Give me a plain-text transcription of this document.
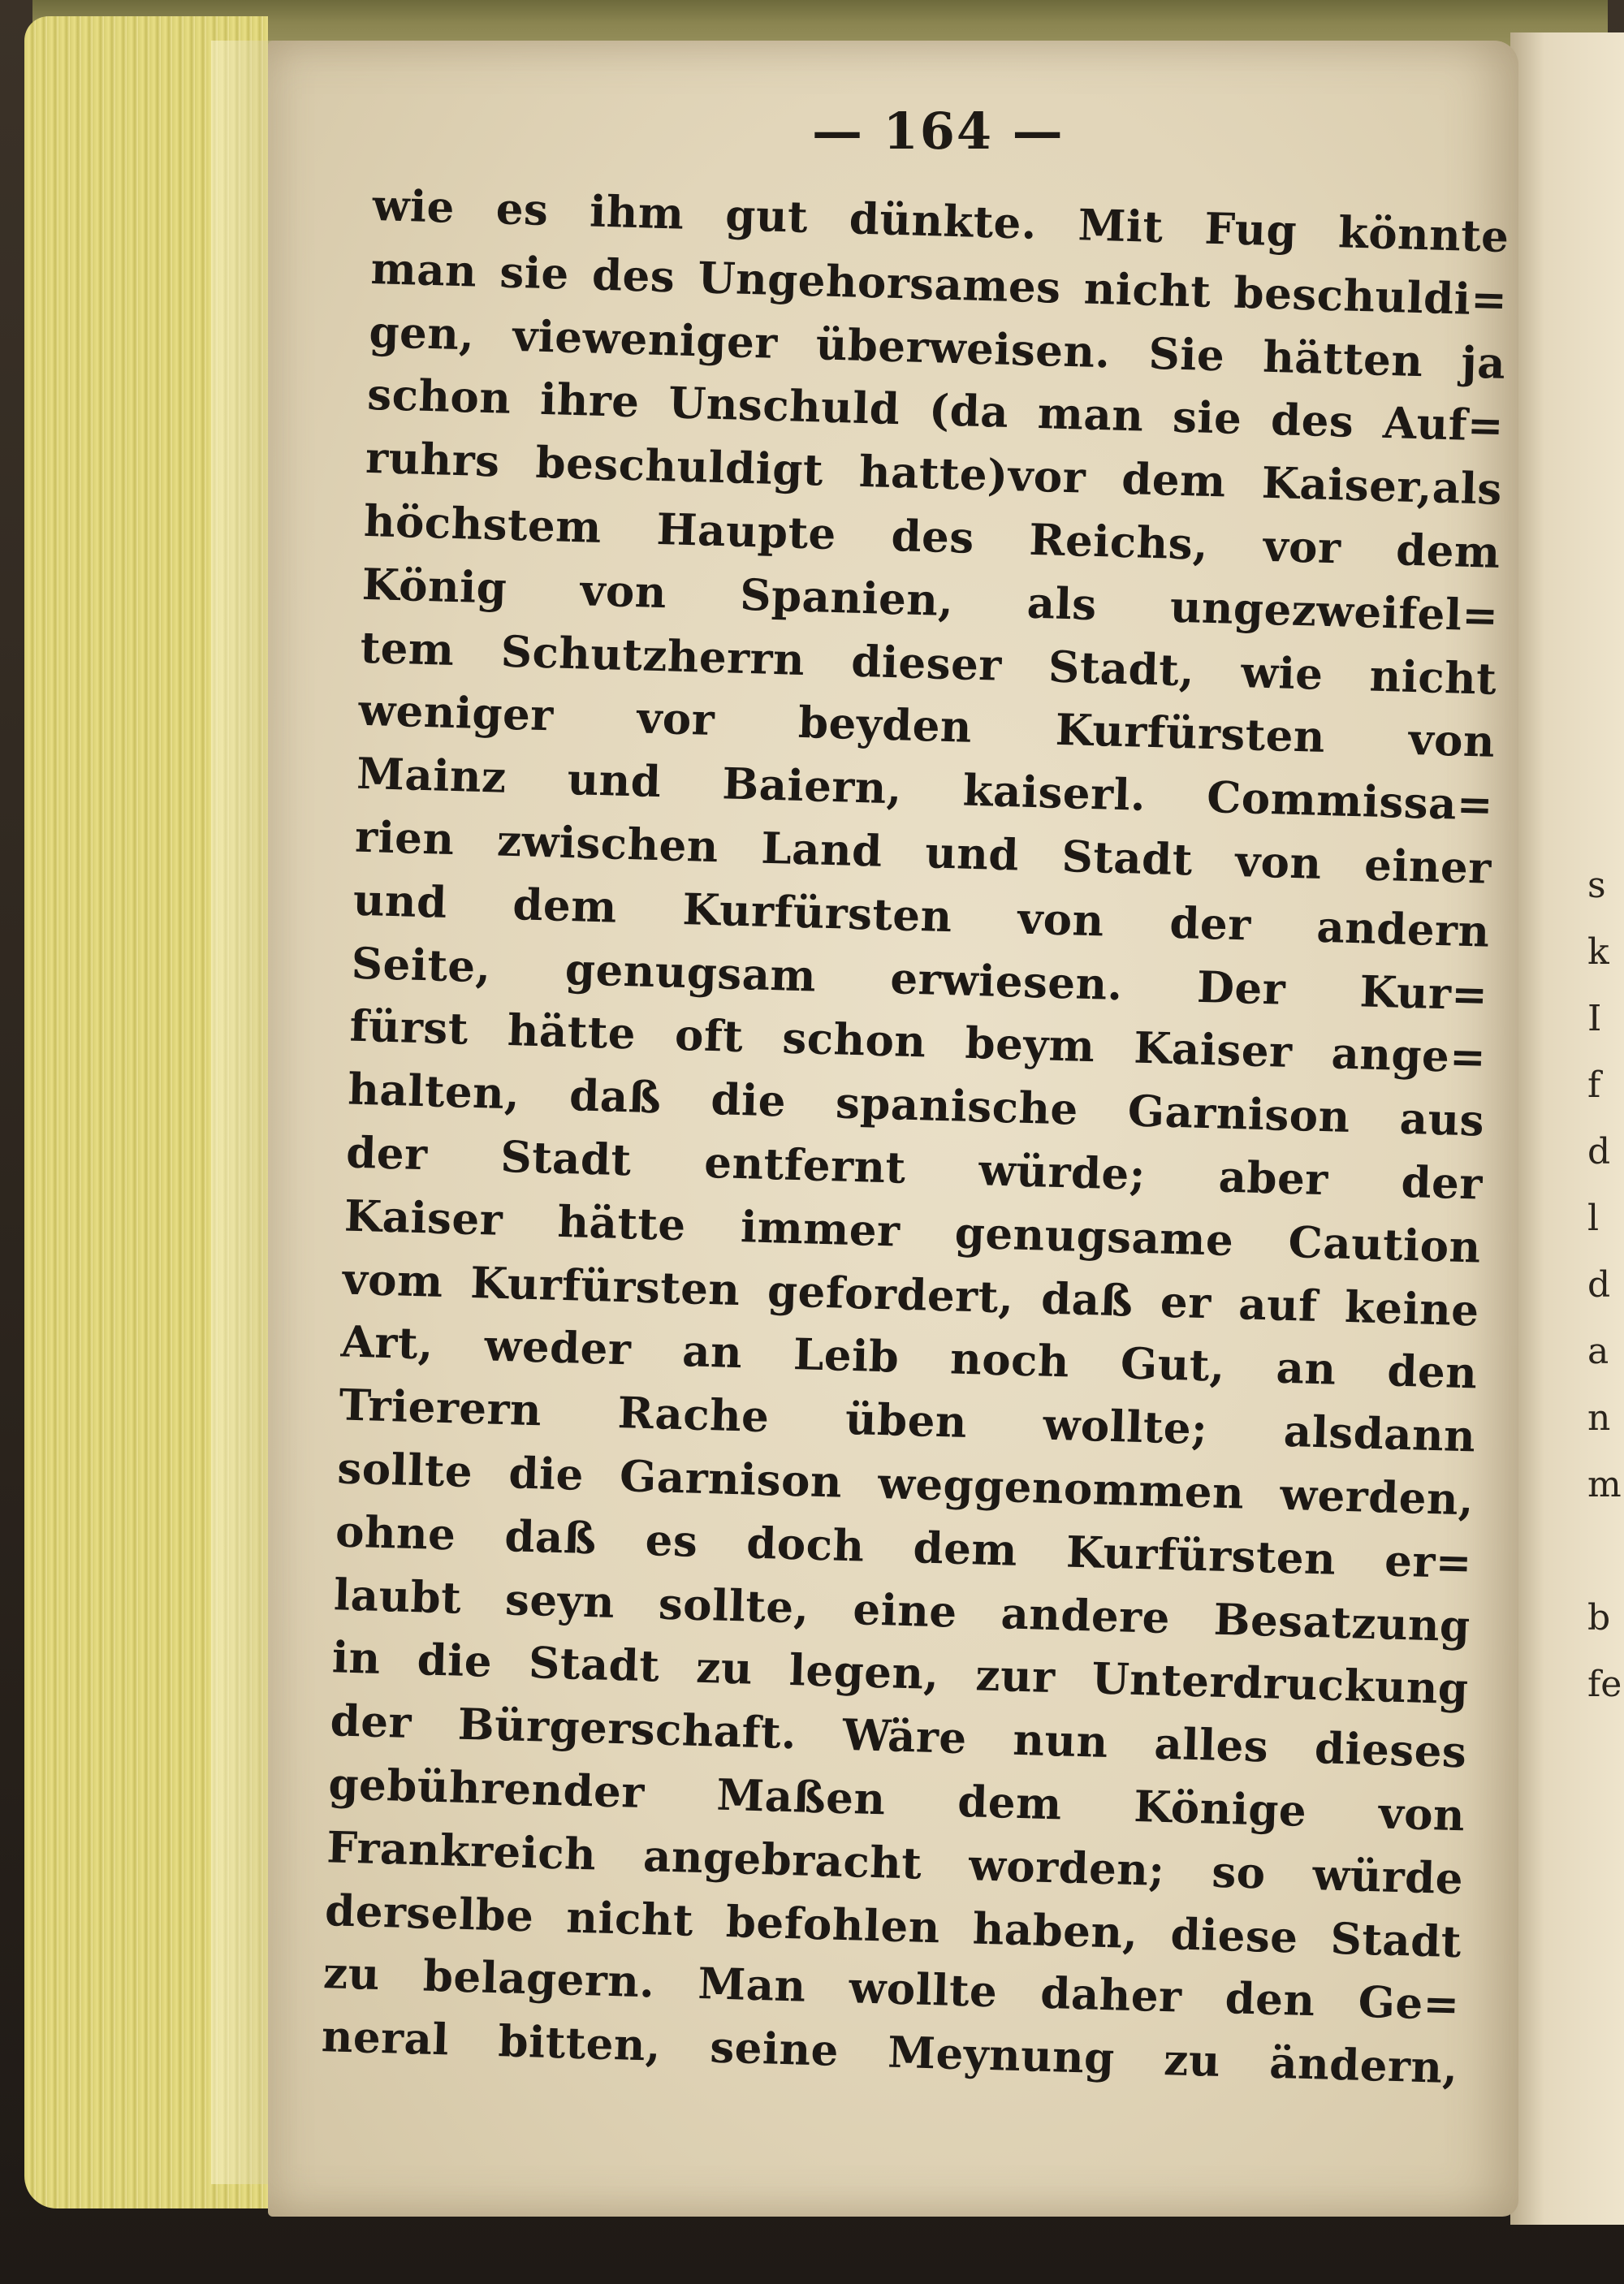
s
k
I
f
d
l
d
a
n
m

b
fe
— 164 —
wie es ihm gut dünkte. Mit Fug könnte
man sie des Ungehorsames nicht beschuldi=
gen, vieweniger überweisen. Sie hätten ja
schon ihre Unschuld (da man sie des Auf=
ruhrs beschuldigt hatte)vor dem Kaiser,als
höchstem Haupte des Reichs, vor dem
König von Spanien, als ungezweifel=
tem Schutzherrn dieser Stadt, wie nicht
weniger vor beyden Kurfürsten von
Mainz und Baiern, kaiserl. Commissa=
rien zwischen Land und Stadt von einer
und dem Kurfürsten von der andern
Seite, genugsam erwiesen. Der Kur=
fürst hätte oft schon beym Kaiser ange=
halten, daß die spanische Garnison aus
der Stadt entfernt würde; aber der
Kaiser hätte immer genugsame Caution
vom Kurfürsten gefordert, daß er auf keine
Art, weder an Leib noch Gut, an den
Trierern Rache üben wollte; alsdann
sollte die Garnison weggenommen werden,
ohne daß es doch dem Kurfürsten er=
laubt seyn sollte, eine andere Besatzung
in die Stadt zu legen, zur Unterdruckung
der Bürgerschaft. Wäre nun alles dieses
gebührender Maßen dem Könige von
Frankreich angebracht worden; so würde
derselbe nicht befohlen haben, diese Stadt
zu belagern. Man wollte daher den Ge=
neral bitten, seine Meynung zu ändern,
